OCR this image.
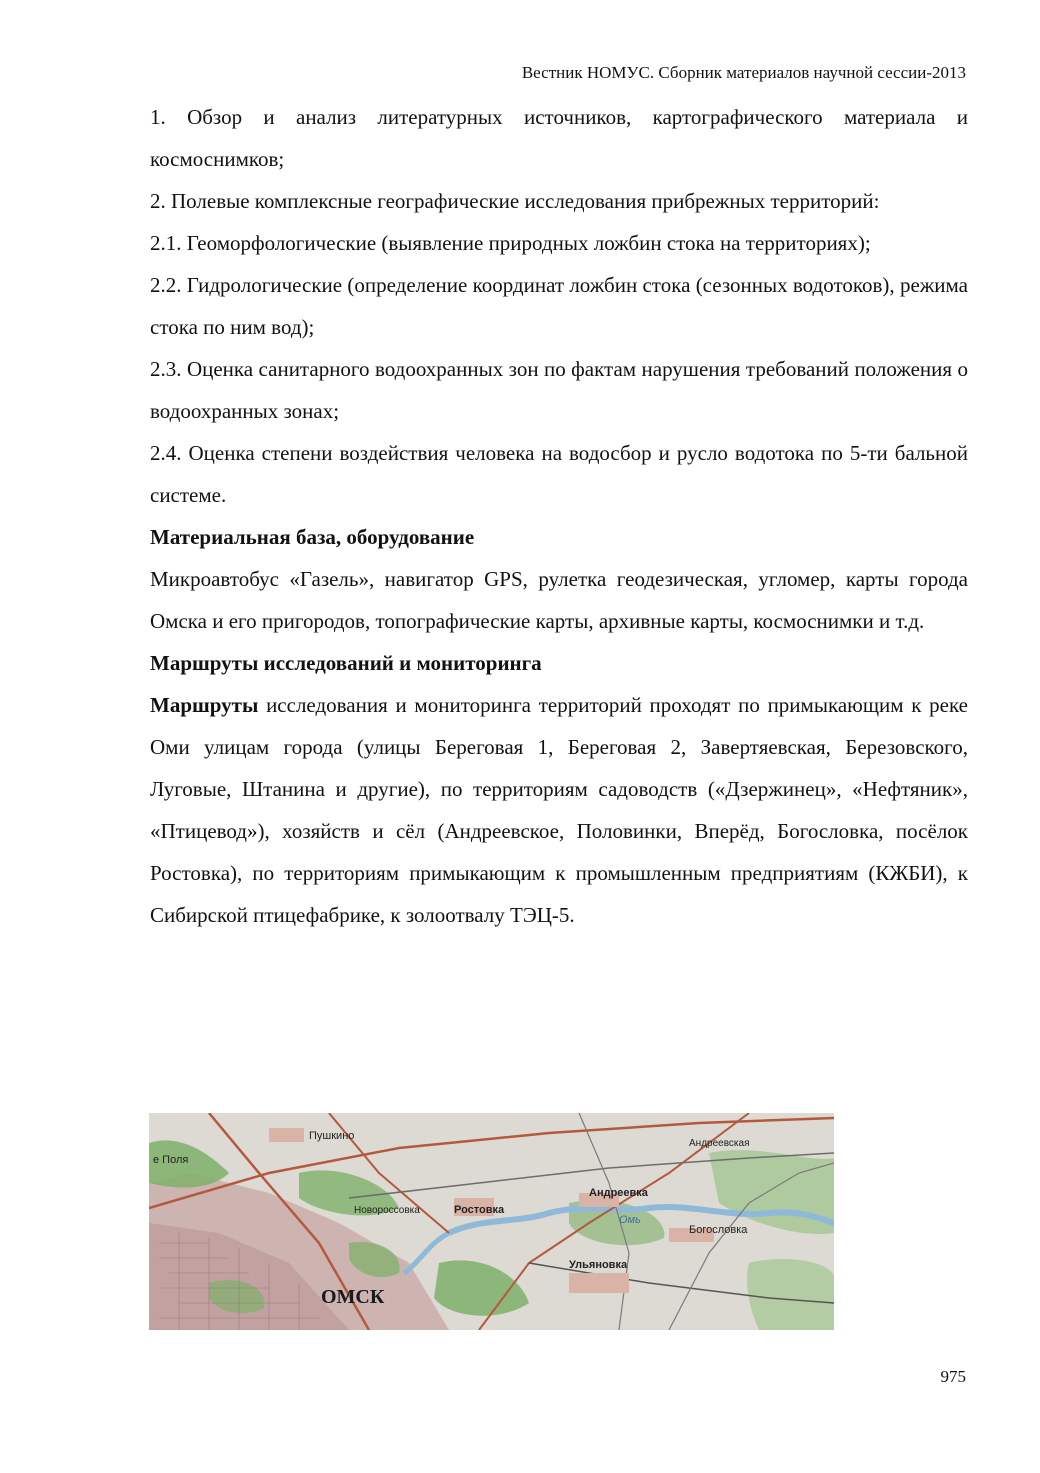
Вестник НОМУС. Сборник материалов научной сессии-2013

1. Обзор и анализ литературных источников, картографического материала и космоснимков;

2. Полевые комплексные географические исследования прибрежных территорий:

2.1. Геоморфологические (выявление природных ложбин стока на территориях);

2.2. Гидрологические (определение координат ложбин стока (сезонных водотоков), режима стока по ним вод);

2.3. Оценка санитарного водоохранных зон по фактам нарушения требований положения о водоохранных зонах;

2.4. Оценка степени воздействия человека на водосбор и русло водотока по 5-ти бальной системе.

Материальная база, оборудование

Микроавтобус «Газель», навигатор GPS, рулетка геодезическая, угломер, карты города Омска и его пригородов, топографические карты, архивные карты, космоснимки и т.д.

Маршруты исследований и мониторинга

Маршруты исследования и мониторинга территорий проходят по примыкающим к реке Оми улицам города (улицы Береговая 1, Береговая 2, Завертяевская, Березовского, Луговые, Штанина и другие), по территориям садоводств («Дзержинец», «Нефтяник», «Птицевод»), хозяйств и сёл (Андреевское, Половинки, Вперёд, Богословка, посёлок Ростовка), по территориям примыкающим к промышленным предприятиям (КЖБИ), к Сибирской птицефабрике, к золоотвалу ТЭЦ-5.

Пушкино
е Поля
Новороссовка	Ростовка
Андреевка
Андреевская
Богословка
Омь
Ульяновка
ОМСК
975
